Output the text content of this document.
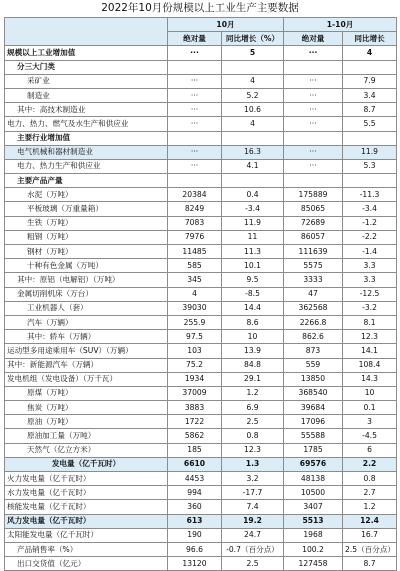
2022年10月份规模以上工业生产主要数据
	10月		1-10月	
	绝对量	同比增长（%）	绝对量	同比增长
规模以上工业增加值	···	5	···	4
分三大门类				
采矿业	···	4	···	7.9
制造业	···	5.2	···	3.4
其中：高技术制造业	···	10.6	···	8.7
电力、热力、燃气及水生产和供应业	···	4	···	5.5
主要行业增加值				
电气机械和器材制造业	···	16.3	···	11.9
电力、热力生产和供应业	···	4.1	···	5.3
主要产品产量				
水泥（万吨）	20384	0.4	175889	-11.3
平板玻璃（万重量箱）	8249	-3.4	85065	-3.4
生铁（万吨）	7083	11.9	72689	-1.2
粗钢（万吨）	7976	11	86057	-2.2
钢材（万吨）	11485	11.3	111639	-1.4
十种有色金属（万吨）	585	10.1	5575	3.3
其中：原铝（电解铝）（万吨）	345	9.5	3333	3.3
金属切削机床（万台）	4	-8.5	47	-12.5
工业机器人（套）	39030	14.4	362568	-3.2
汽车（万辆）	255.9	8.6	2266.8	8.1
其中：轿车（万辆）	97.5	10	862.6	12.3
运动型多用途乘用车（SUV）（万辆）	103	13.9	873	14.1
其中：新能源汽车（万辆）	75.2	84.8	559	108.4
发电机组（发电设备）（万千瓦）	1934	29.1	13850	14.3
原煤（万吨）	37009	1.2	368540	10
焦炭（万吨）	3883	6.9	39684	0.1
原油（万吨）	1722	2.5	17096	3
原油加工量（万吨）	5862	0.8	55588	-4.5
天然气（亿立方米）	185	12.3	1785	6
发电量（亿千瓦时）	6610	1.3	69576	2.2
火力发电量（亿千瓦时）	4453	3.2	48138	0.8
水力发电量（亿千瓦时）	994	-17.7	10500	2.7
核能发电量（亿千瓦时）	360	7.4	3407	1.2
风力发电量（亿千瓦时）	613	19.2	5513	12.4
太阳能发电量（亿千瓦时）	190	24.7	1968	16.7
产品销售率（%）	96.6	-0.7（百分点）	100.2	2.5（百分点）
出口交货值（亿元）	13120	2.5	127458	8.7
